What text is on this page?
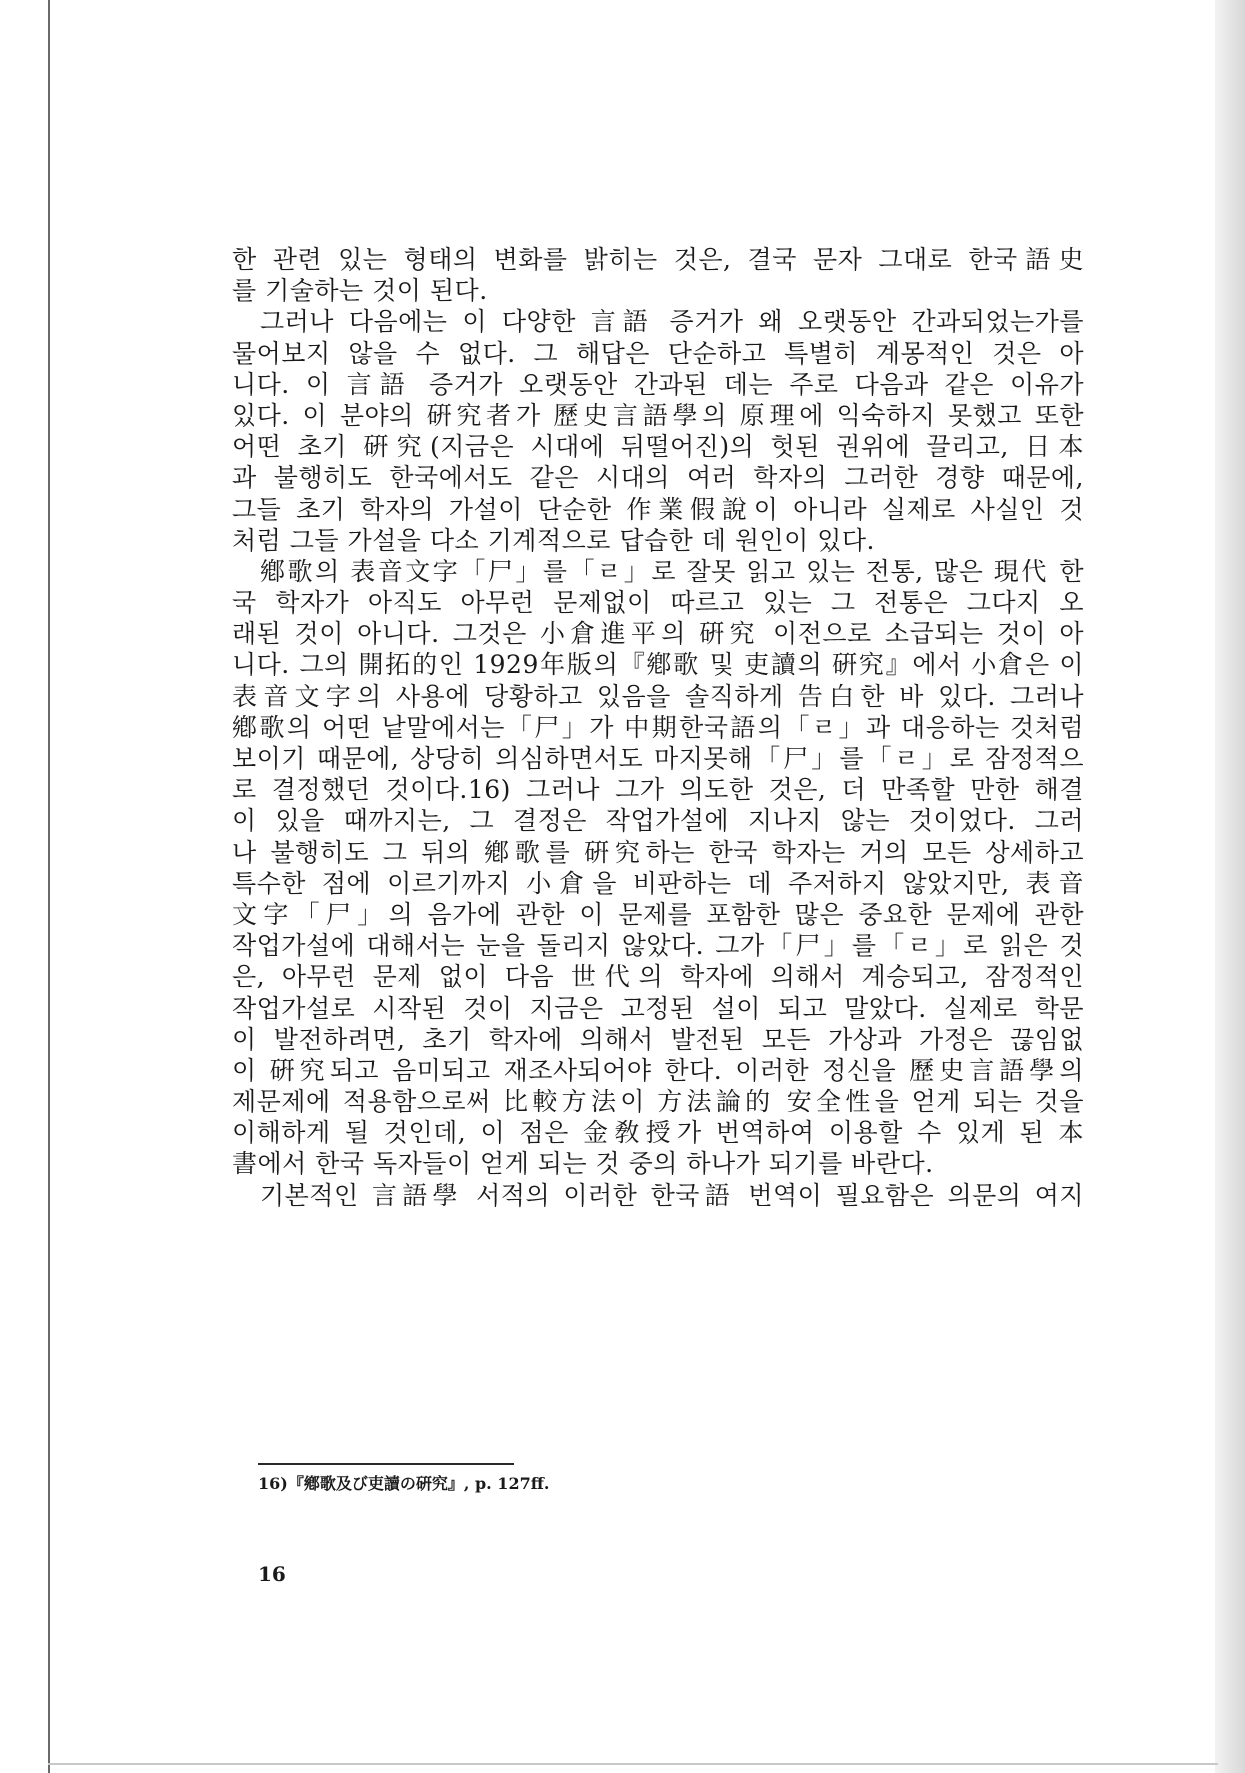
한 관련 있는 형태의 변화를 밝히는 것은, 결국 문자 그대로 한국語史
를 기술하는 것이 된다.
그러나 다음에는 이 다양한 言語 증거가 왜 오랫동안 간과되었는가를
물어보지 않을 수 없다. 그 해답은 단순하고 특별히 계몽적인 것은 아
니다. 이 言語 증거가 오랫동안 간과된 데는 주로 다음과 같은 이유가
있다. 이 분야의 硏究者가 歷史言語學의 原理에 익숙하지 못했고 또한
어떤 초기 硏究(지금은 시대에 뒤떨어진)의 헛된 권위에 끌리고, 日本
과 불행히도 한국에서도 같은 시대의 여러 학자의 그러한 경향 때문에,
그들 초기 학자의 가설이 단순한 作業假說이 아니라 실제로 사실인 것
처럼 그들 가설을 다소 기계적으로 답습한 데 원인이 있다.
鄕歌의 表音文字「尸」를「ㄹ」로 잘못 읽고 있는 전통, 많은 現代 한
국 학자가 아직도 아무런 문제없이 따르고 있는 그 전통은 그다지 오
래된 것이 아니다. 그것은 小倉進平의 硏究 이전으로 소급되는 것이 아
니다. 그의 開拓的인 1929年版의『鄕歌 및 吏讀의 硏究』에서 小倉은 이
表音文字의 사용에 당황하고 있음을 솔직하게 告白한 바 있다. 그러나
鄕歌의 어떤 낱말에서는「尸」가 中期한국語의「ㄹ」과 대응하는 것처럼
보이기 때문에, 상당히 의심하면서도 마지못해「尸」를「ㄹ」로 잠정적으
로 결정했던 것이다.16) 그러나 그가 의도한 것은, 더 만족할 만한 해결
이 있을 때까지는, 그 결정은 작업가설에 지나지 않는 것이었다. 그러
나 불행히도 그 뒤의 鄕歌를 硏究하는 한국 학자는 거의 모든 상세하고
특수한 점에 이르기까지 小倉을 비판하는 데 주저하지 않았지만, 表音
文字「尸」의 음가에 관한 이 문제를 포함한 많은 중요한 문제에 관한
작업가설에 대해서는 눈을 돌리지 않았다. 그가「尸」를「ㄹ」로 읽은 것
은, 아무런 문제 없이 다음 世代의 학자에 의해서 계승되고, 잠정적인
작업가설로 시작된 것이 지금은 고정된 설이 되고 말았다. 실제로 학문
이 발전하려면, 초기 학자에 의해서 발전된 모든 가상과 가정은 끊임없
이 硏究되고 음미되고 재조사되어야 한다. 이러한 정신을 歷史言語學의
제문제에 적용함으로써 比較方法이 方法論的 安全性을 얻게 되는 것을
이해하게 될 것인데, 이 점은 金敎授가 번역하여 이용할 수 있게 된 本
書에서 한국 독자들이 얻게 되는 것 중의 하나가 되기를 바란다.
기본적인 言語學 서적의 이러한 한국語 번역이 필요함은 의문의 여지
16)『鄕歌及び吏讀の硏究』, p. 127ff.
16
